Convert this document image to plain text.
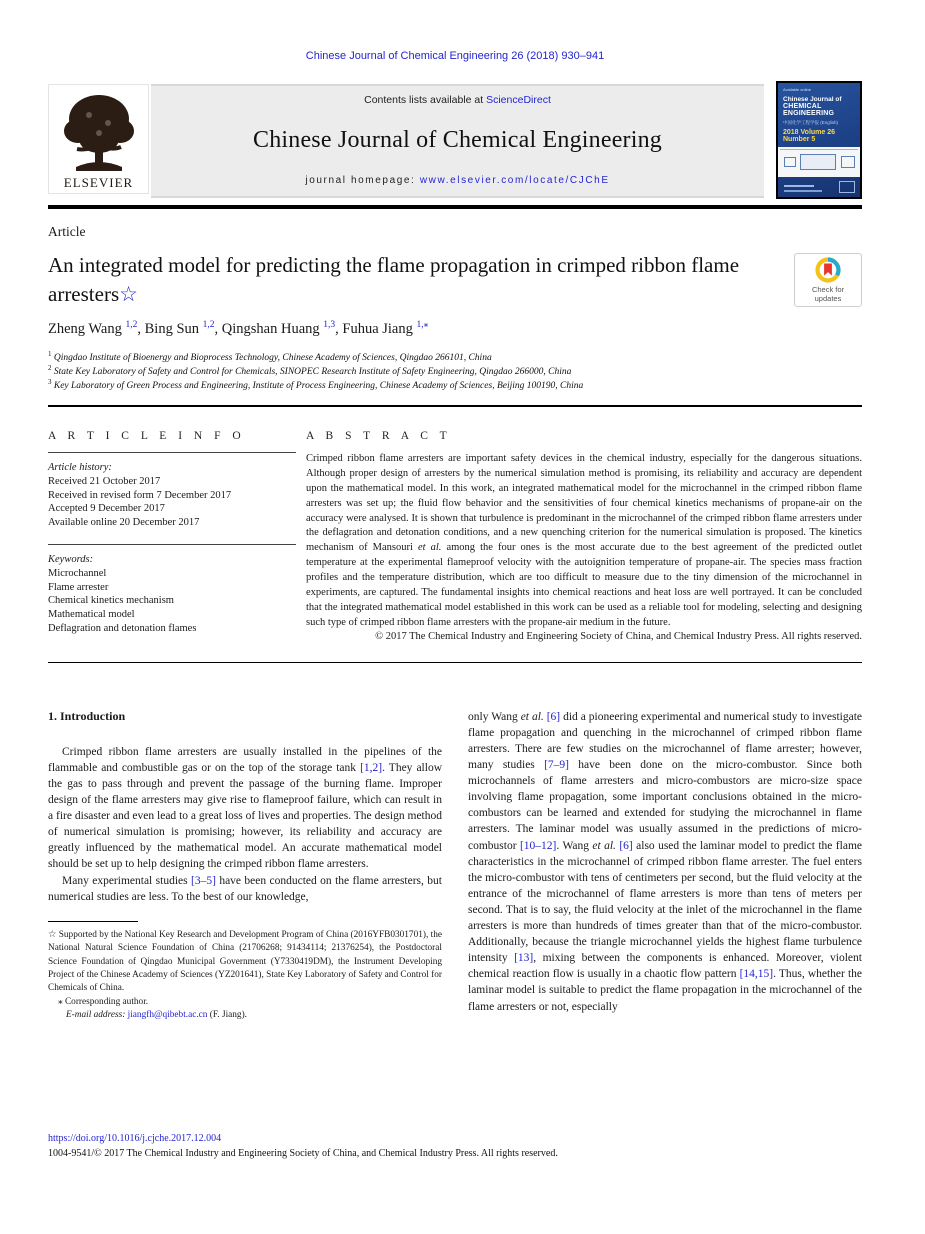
Chinese Journal of Chemical Engineering 26 (2018) 930–941
ELSEVIER
Contents lists available at ScienceDirect
Chinese Journal of Chemical Engineering
journal homepage: www.elsevier.com/locate/CJChE
Available online
Chinese Journal of
CHEMICAL ENGINEERING
中国化学工程学报 (English)
2018 Volume 26 Number 5
Article
An integrated model for predicting the flame propagation in crimped ribbon flame arresters☆	Check for
updates
Zheng Wang $^{1,2}$, Bing Sun $^{1,2}$, Qingshan Huang $^{1,3}$, Fuhua Jiang $^{1,⁎}$
$^1$ Qingdao Institute of Bioenergy and Bioprocess Technology, Chinese Academy of Sciences, Qingdao 266101, China
$^2$ State Key Laboratory of Safety and Control for Chemicals, SINOPEC Research Institute of Safety Engineering, Qingdao 266000, China
$^3$ Key Laboratory of Green Process and Engineering, Institute of Process Engineering, Chinese Academy of Sciences, Beijing 100190, China
A R T I C L E I N F O
Article history:
Received 21 October 2017
Received in revised form 7 December 2017
Accepted 9 December 2017
Available online 20 December 2017
Keywords:
Microchannel
Flame arrester
Chemical kinetics mechanism
Mathematical model
Deflagration and detonation flames
A B S T R A C T
Crimped ribbon flame arresters are important safety devices in the chemical industry, especially for the dangerous situations. Although proper design of arresters by the numerical simulation method is promising, its reliability and accuracy are dependent upon the mathematical model. In this work, an integrated mathematical model for the microchannel in the crimped ribbon flame arresters was set up; the fluid flow behavior and the sensitivities of four chemical kinetics mechanisms of propane-air on the accuracy were analysed. It is shown that turbulence is predominant in the microchannel of the crimped ribbon flame arresters under the deflagration and detonation conditions, and a new quenching criterion for the numerical simulation is proposed. The kinetics mechanism of Mansouri et al. among the four ones is the most accurate due to the best agreement of the predicted outlet temperature at the experimental flameproof velocity with the autoignition temperature of propane-air. The species mass fraction profiles and the temperature distribution, which are too difficult to measure due to the tiny dimension of the microchannel in experiments, are captured. The fundamental insights into chemical reactions and heat loss are well portrayed. It can be concluded that the integrated mathematical model established in this work can be used as a reliable tool for modeling, selecting and designing such type of crimped ribbon flame arresters with the propane-air medium in the future.
© 2017 The Chemical Industry and Engineering Society of China, and Chemical Industry Press. All rights reserved.
1. Introduction

Crimped ribbon flame arresters are usually installed in the pipelines of the flammable and combustible gas or on the top of the storage tank [1,2]. They allow the gas to pass through and prevent the passage of the burning flame. Improper design of the flame arresters may give rise to flameproof failure, which can result in a fire disaster and even lead to a great loss of lives and properties. The design method of numerical simulation is promising; however, its reliability and accuracy are greatly influenced by the mathematical model. An accurate mathematical model should be set up to help designing the crimped ribbon flame arresters.

Many experimental studies [3–5] have been conducted on the flame arresters, but numerical studies are less. To the best of our knowledge,

☆ Supported by the National Key Research and Development Program of China (2016YFB0301701), the National Natural Science Foundation of China (21706268; 91434114; 21376254), the Postdoctoral Science Foundation of Qingdao Municipal Government (Y7330419DM), the Instrument Developing Project of the Chinese Academy of Sciences (YZ201641), State Key Laboratory of Safety and Control for Chemicals of China.
⁎ Corresponding author.
E-mail address: jiangfh@qibebt.ac.cn (F. Jiang).

only Wang et al. [6] did a pioneering experimental and numerical study to investigate flame propagation and quenching in the microchannel of crimped ribbon flame arresters. There are few studies on the microchannel of flame arrester; however, many studies [7–9] have been done on the micro-combustor. Since both microchannels of flame arresters and micro-combustors are micro-size space involving flame propagation, some important conclusions obtained in the micro-combustors can be learned and extended for studying the microchannel in flame arresters. The laminar model was usually assumed in the predictions of micro-combustor [10–12]. Wang et al. [6] also used the laminar model to predict the flame characteristics in the microchannel of crimped ribbon flame arrester. The fuel enters the micro-combustor with tens of centimeters per second, but the fluid velocity at the entrance of the microchannel of flame arresters is more than tens of meters per second. That is to say, the fluid velocity at the inlet of the microchannel in the flame arresters is more than hundreds of times greater than that of the micro-combustor. Additionally, because the triangle microchannel yields the highest flame turbulence intensity [13], mixing between the components is enhanced. Moreover, violent chemical reaction flow is usually in a chaotic flow pattern [14,15]. Thus, whether the laminar model is suitable to predict the flame propagation in the microchannel of the flame arresters or not, especially

https://doi.org/10.1016/j.cjche.2017.12.004
1004-9541/© 2017 The Chemical Industry and Engineering Society of China, and Chemical Industry Press. All rights reserved.
